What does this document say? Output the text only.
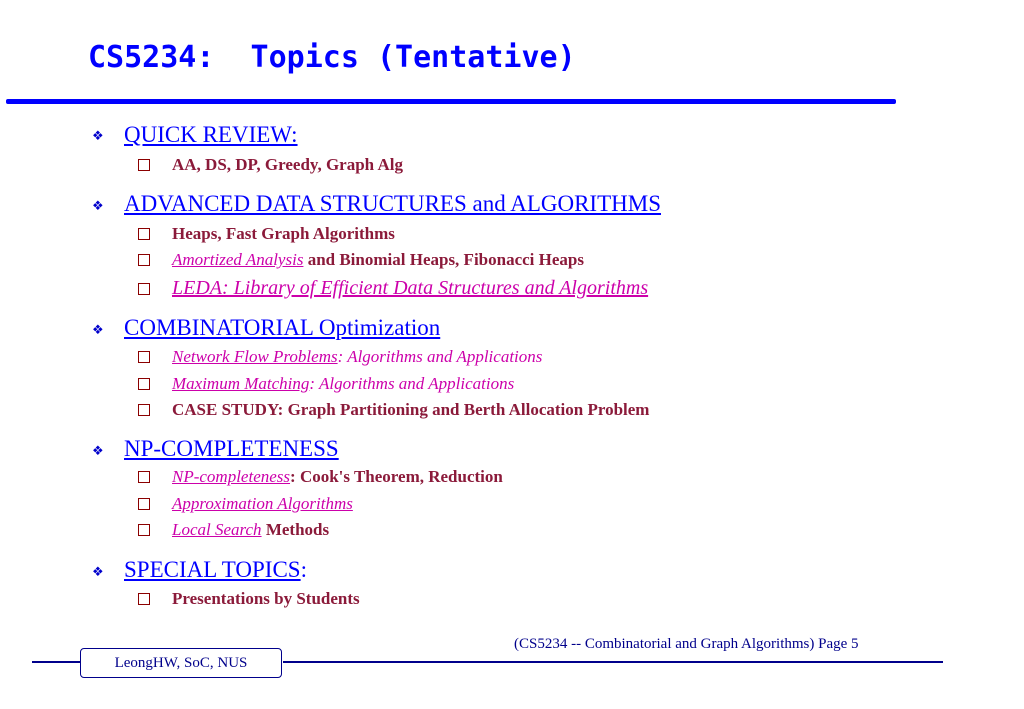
CS5234:  Topics (Tentative)
❖ QUICK REVIEW:
AA, DS, DP, Greedy, Graph Alg
❖ ADVANCED DATA STRUCTURES and ALGORITHMS
Heaps, Fast Graph Algorithms
Amortized Analysis and Binomial Heaps, Fibonacci Heaps
LEDA: Library of Efficient Data Structures and Algorithms
❖ COMBINATORIAL Optimization
Network Flow Problems: Algorithms and Applications
Maximum Matching: Algorithms and Applications
CASE STUDY: Graph Partitioning and Berth Allocation Problem
❖ NP-COMPLETENESS
NP-completeness: Cook's Theorem, Reduction
Approximation Algorithms
Local Search Methods
❖ SPECIAL TOPICS:
Presentations by Students
(CS5234 -- Combinatorial and Graph Algorithms) Page 5
LeongHW, SoC, NUS
